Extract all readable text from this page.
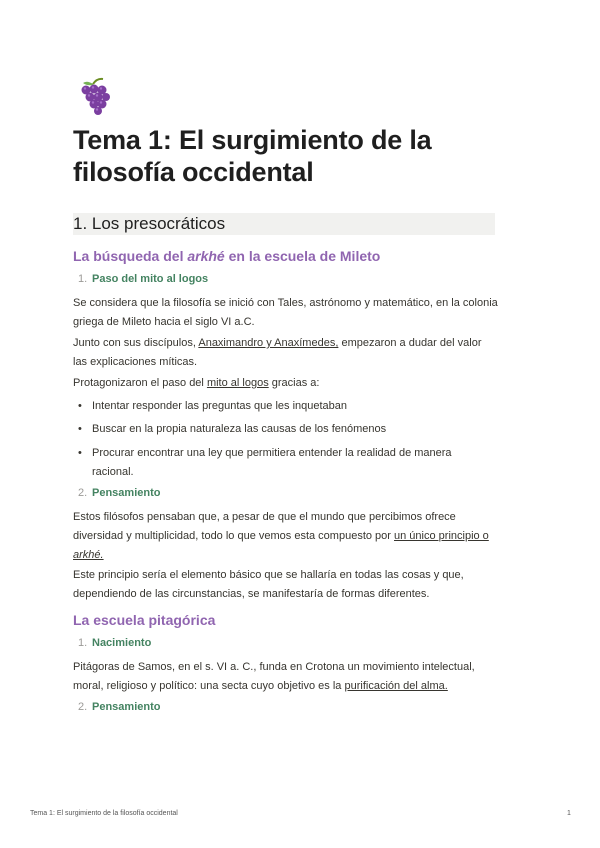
Tema 1: El surgimiento de la filosofía occidental
1. Los presocráticos
La búsqueda del arkhé en la escuela de Mileto
1. Paso del mito al logos
Se considera que la filosofía se inició con Tales, astrónomo y matemático, en la colonia griega de Mileto hacia el siglo VI a.C.
Junto con sus discípulos, Anaximandro y Anaxímedes, empezaron a dudar del valor las explicaciones míticas.
Protagonizaron el paso del mito al logos gracias a:
• Intentar responder las preguntas que les inquetaban
• Buscar en la propia naturaleza las causas de los fenómenos
• Procurar encontrar una ley que permitiera entender la realidad de manera racional.
2. Pensamiento
Estos filósofos pensaban que, a pesar de que el mundo que percibimos ofrece diversidad y multiplicidad, todo lo que vemos esta compuesto por un único principio o arkhé.
Este principio sería el elemento básico que se hallaría en todas las cosas y que, dependiendo de las circunstancias, se manifestaría de formas diferentes.
La escuela pitagórica
1. Nacimiento
Pitágoras de Samos, en el s. VI a. C., funda en Crotona un movimiento intelectual, moral, religioso y político: una secta cuyo objetivo es la purificación del alma.
2. Pensamiento
Tema 1: El surgimiento de la filosofía occidental	1
